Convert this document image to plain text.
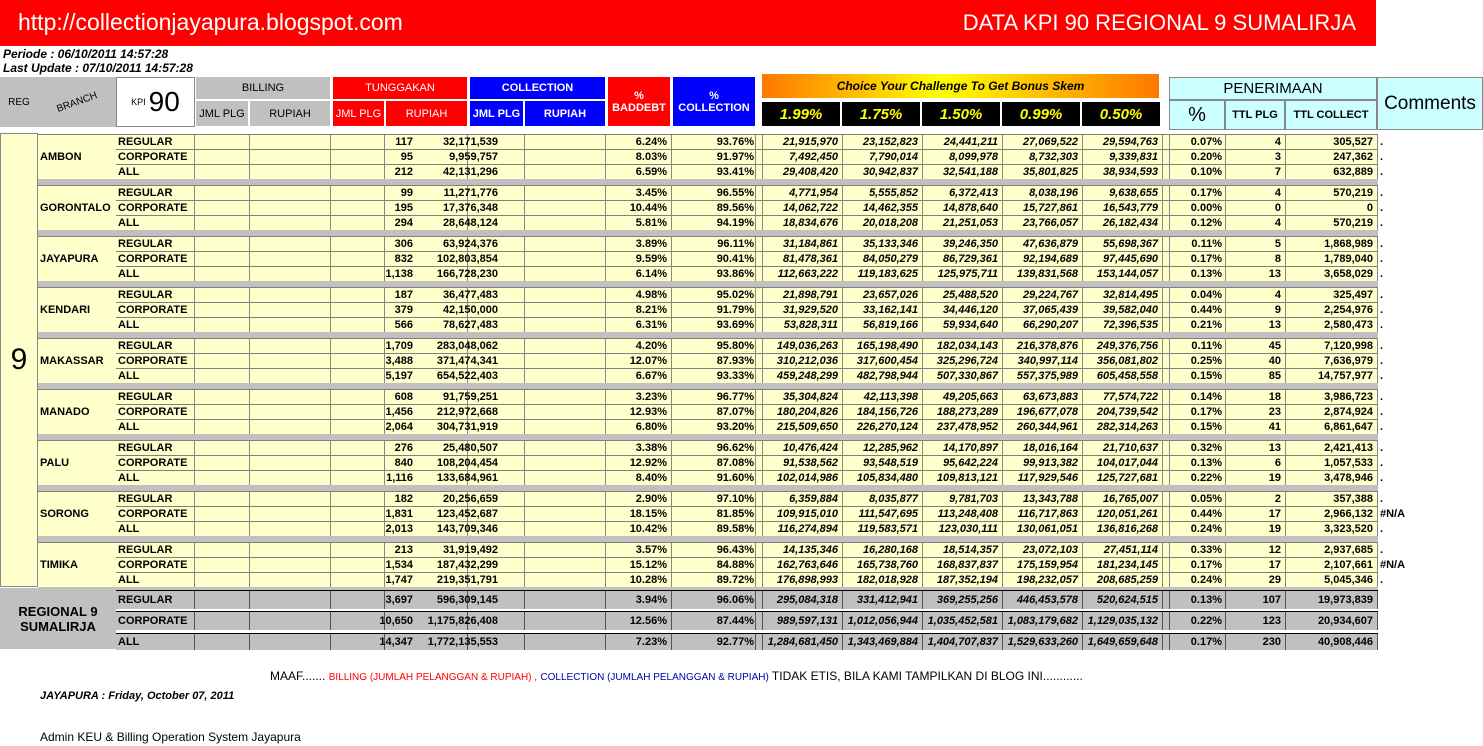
http://collectionjayapura.blogspot.com	DATA KPI 90 REGIONAL 9 SUMALIRJA
Periode : 06/10/2011 14:57:28
Last Update : 07/10/2011 14:57:28
REG	BRANCH	KPI 90	BILLING
JML PLG	RUPIAH
TUNGGAKAN
JML PLG	RUPIAH
COLLECTION
JML PLG	RUPIAH
% BADDEBT
% COLLECTION
Choice Your Challenge To Get Bonus Skem
1.99%	1.75%	1.50%	0.99%	0.50%
PENERIMAAN
%	TTL PLG	TTL COLLECT
Comments
9
AMBON
REGULAR	117	32,171,539	6.24%	93.76%	21,915,970	23,152,823	24,441,211	27,069,522	29,594,763	0.07%	4	305,527 .
CORPORATE	95	9,959,757	8.03%	91.97%	7,492,450	7,790,014	8,099,978	8,732,303	9,339,831	0.20%	3	247,362 .
ALL	212	42,131,296	6.59%	93.41%	29,408,420	30,942,837	32,541,188	35,801,825	38,934,593	0.10%	7	632,889 .
GORONTALO
REGULAR	99	11,271,776	3.45%	96.55%	4,771,954	5,555,852	6,372,413	8,038,196	9,638,655	0.17%	4	570,219 .
CORPORATE	195	17,376,348	10.44%	89.56%	14,062,722	14,462,355	14,878,640	15,727,861	16,543,779	0.00%	0	0 .
ALL	294	28,648,124	5.81%	94.19%	18,834,676	20,018,208	21,251,053	23,766,057	26,182,434	0.12%	4	570,219 .
JAYAPURA
REGULAR	306	63,924,376	3.89%	96.11%	31,184,861	35,133,346	39,246,350	47,636,879	55,698,367	0.11%	5	1,868,989 .
CORPORATE	832	102,803,854	9.59%	90.41%	81,478,361	84,050,279	86,729,361	92,194,689	97,445,690	0.17%	8	1,789,040 .
ALL	1,138	166,728,230	6.14%	93.86%	112,663,222	119,183,625	125,975,711	139,831,568	153,144,057	0.13%	13	3,658,029 .
KENDARI
REGULAR	187	36,477,483	4.98%	95.02%	21,898,791	23,657,026	25,488,520	29,224,767	32,814,495	0.04%	4	325,497 .
CORPORATE	379	42,150,000	8.21%	91.79%	31,929,520	33,162,141	34,446,120	37,065,439	39,582,040	0.44%	9	2,254,976 .
ALL	566	78,627,483	6.31%	93.69%	53,828,311	56,819,166	59,934,640	66,290,207	72,396,535	0.21%	13	2,580,473 .
MAKASSAR
REGULAR	1,709	283,048,062	4.20%	95.80%	149,036,263	165,198,490	182,034,143	216,378,876	249,376,756	0.11%	45	7,120,998 .
CORPORATE	3,488	371,474,341	12.07%	87.93%	310,212,036	317,600,454	325,296,724	340,997,114	356,081,802	0.25%	40	7,636,979 .
ALL	5,197	654,522,403	6.67%	93.33%	459,248,299	482,798,944	507,330,867	557,375,989	605,458,558	0.15%	85	14,757,977 .
MANADO
REGULAR	608	91,759,251	3.23%	96.77%	35,304,824	42,113,398	49,205,663	63,673,883	77,574,722	0.14%	18	3,986,723 .
CORPORATE	1,456	212,972,668	12.93%	87.07%	180,204,826	184,156,726	188,273,289	196,677,078	204,739,542	0.17%	23	2,874,924 .
ALL	2,064	304,731,919	6.80%	93.20%	215,509,650	226,270,124	237,478,952	260,344,961	282,314,263	0.15%	41	6,861,647 .
PALU
REGULAR	276	25,480,507	3.38%	96.62%	10,476,424	12,285,962	14,170,897	18,016,164	21,710,637	0.32%	13	2,421,413 .
CORPORATE	840	108,204,454	12.92%	87.08%	91,538,562	93,548,519	95,642,224	99,913,382	104,017,044	0.13%	6	1,057,533 .
ALL	1,116	133,684,961	8.40%	91.60%	102,014,986	105,834,480	109,813,121	117,929,546	125,727,681	0.22%	19	3,478,946 .
SORONG
REGULAR	182	20,256,659	2.90%	97.10%	6,359,884	8,035,877	9,781,703	13,343,788	16,765,007	0.05%	2	357,388 .
CORPORATE	1,831	123,452,687	18.15%	81.85%	109,915,010	111,547,695	113,248,408	116,717,863	120,051,261	0.44%	17	2,966,132 #N/A
ALL	2,013	143,709,346	10.42%	89.58%	116,274,894	119,583,571	123,030,111	130,061,051	136,816,268	0.24%	19	3,323,520 .
TIMIKA
REGULAR	213	31,919,492	3.57%	96.43%	14,135,346	16,280,168	18,514,357	23,072,103	27,451,114	0.33%	12	2,937,685 .
CORPORATE	1,534	187,432,299	15.12%	84.88%	162,763,646	165,738,760	168,837,837	175,159,954	181,234,145	0.17%	17	2,107,661 #N/A
ALL	1,747	219,351,791	10.28%	89.72%	176,898,993	182,018,928	187,352,194	198,232,057	208,685,259	0.24%	29	5,045,346 .
REGIONAL 9
SUMALIRJA
REGULAR	3,697	596,309,145	3.94%	96.06%	295,084,318	331,412,941	369,255,256	446,453,578	520,624,515	0.13%	107	19,973,839
CORPORATE	10,650	1,175,826,408	12.56%	87.44%	989,597,131 1,012,056,944 1,035,452,581 1,083,179,682 1,129,035,132	0.22%	123	20,934,607
ALL	14,347	1,772,135,553	7.23%	92.77%	1,284,681,450 1,343,469,884 1,404,707,837 1,529,633,260 1,649,659,648	0.17%	230	40,908,446
MAAF....... BILLING (JUMLAH PELANGGAN & RUPIAH) , COLLECTION (JUMLAH PELANGGAN & RUPIAH) TIDAK ETIS, BILA KAMI TAMPILKAN DI BLOG INI............
JAYAPURA : Friday, October 07, 2011
Admin KEU & Billing Operation System Jayapura
